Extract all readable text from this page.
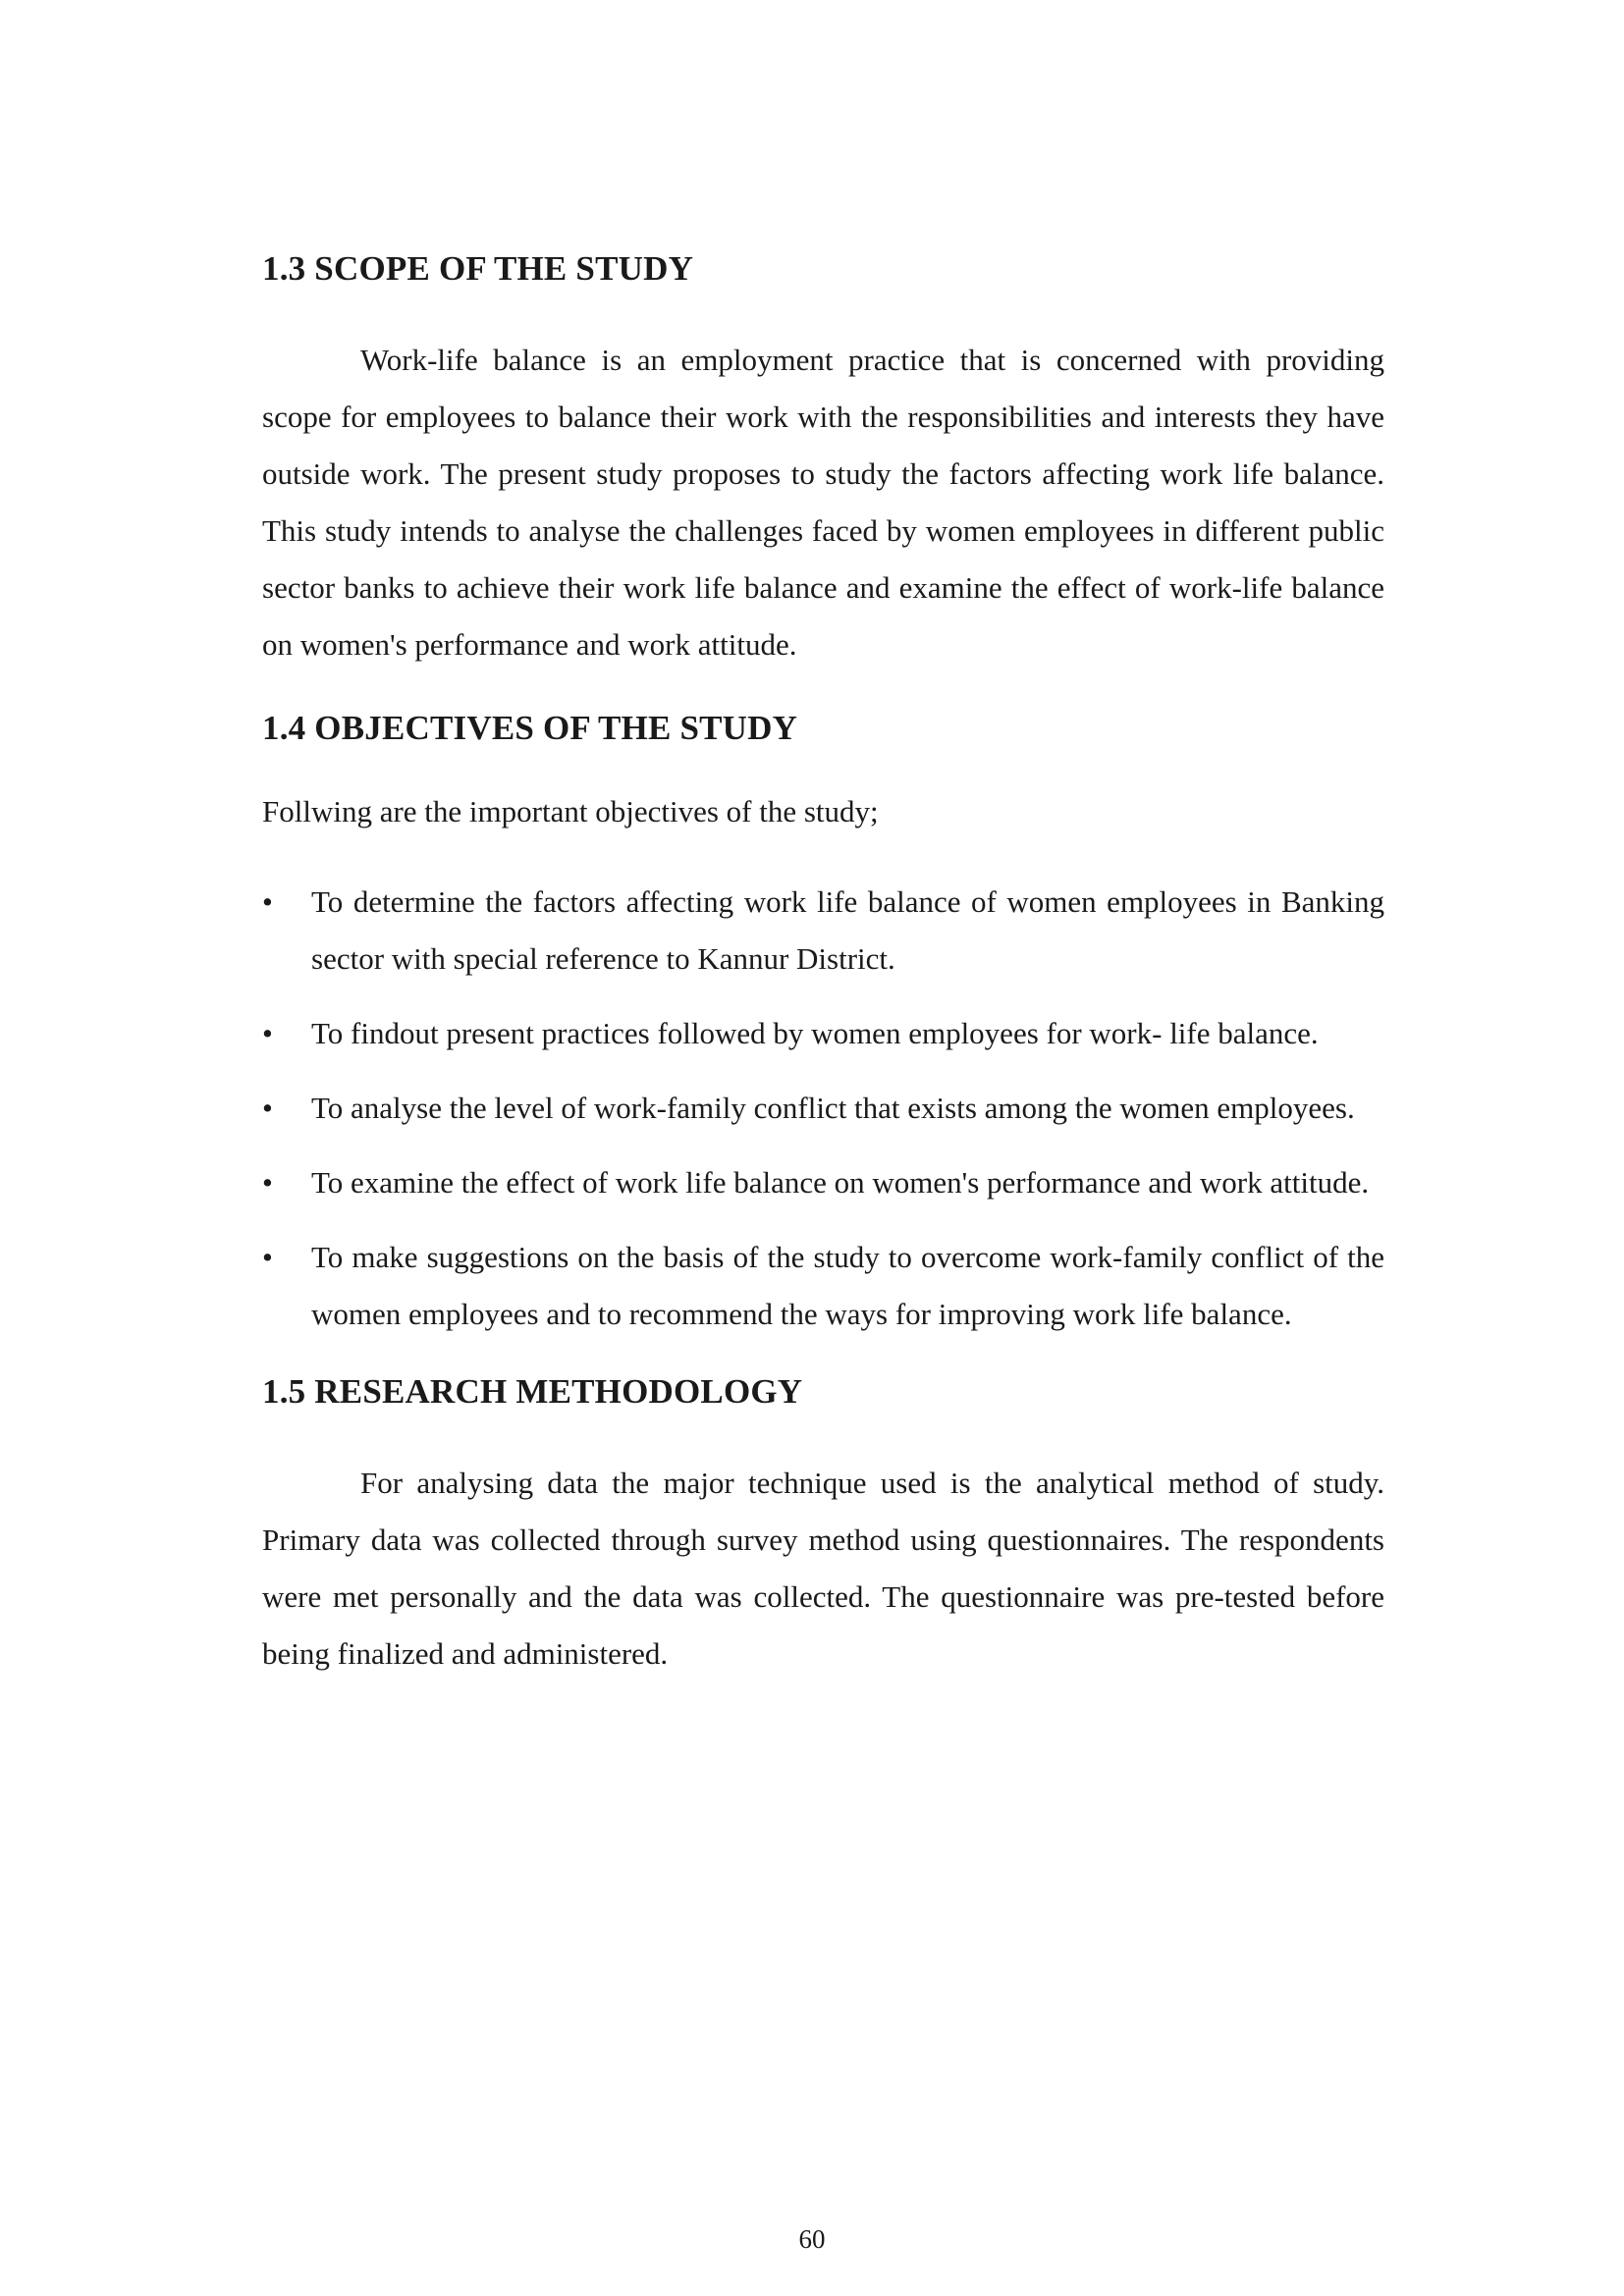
1.3 SCOPE OF THE STUDY

Work-life balance is an employment practice that is concerned with providing scope for employees to balance their work with the responsibilities and interests they have outside work. The present study proposes to study the factors affecting work life balance. This study intends to analyse the challenges faced by women employees in different public sector banks to achieve their work life balance and examine the effect of work-life balance on women's performance and work attitude.

1.4 OBJECTIVES OF THE STUDY

Follwing are the important objectives of the study;

• To determine the factors affecting work life balance of women employees in Banking sector with special reference to Kannur District.
• To findout present practices followed by women employees for work- life balance.
• To analyse the level of work-family conflict that exists among the women employees.
• To examine the effect of work life balance on women's performance and work attitude.
• To make suggestions on the basis of the study to overcome work-family conflict of the women employees and to recommend the ways for improving work life balance.
1.5 RESEARCH METHODOLOGY

For analysing data the major technique used is the analytical method of study. Primary data was collected through survey method using questionnaires. The respondents were met personally and the data was collected. The questionnaire was pre-tested before being finalized and administered.

60
